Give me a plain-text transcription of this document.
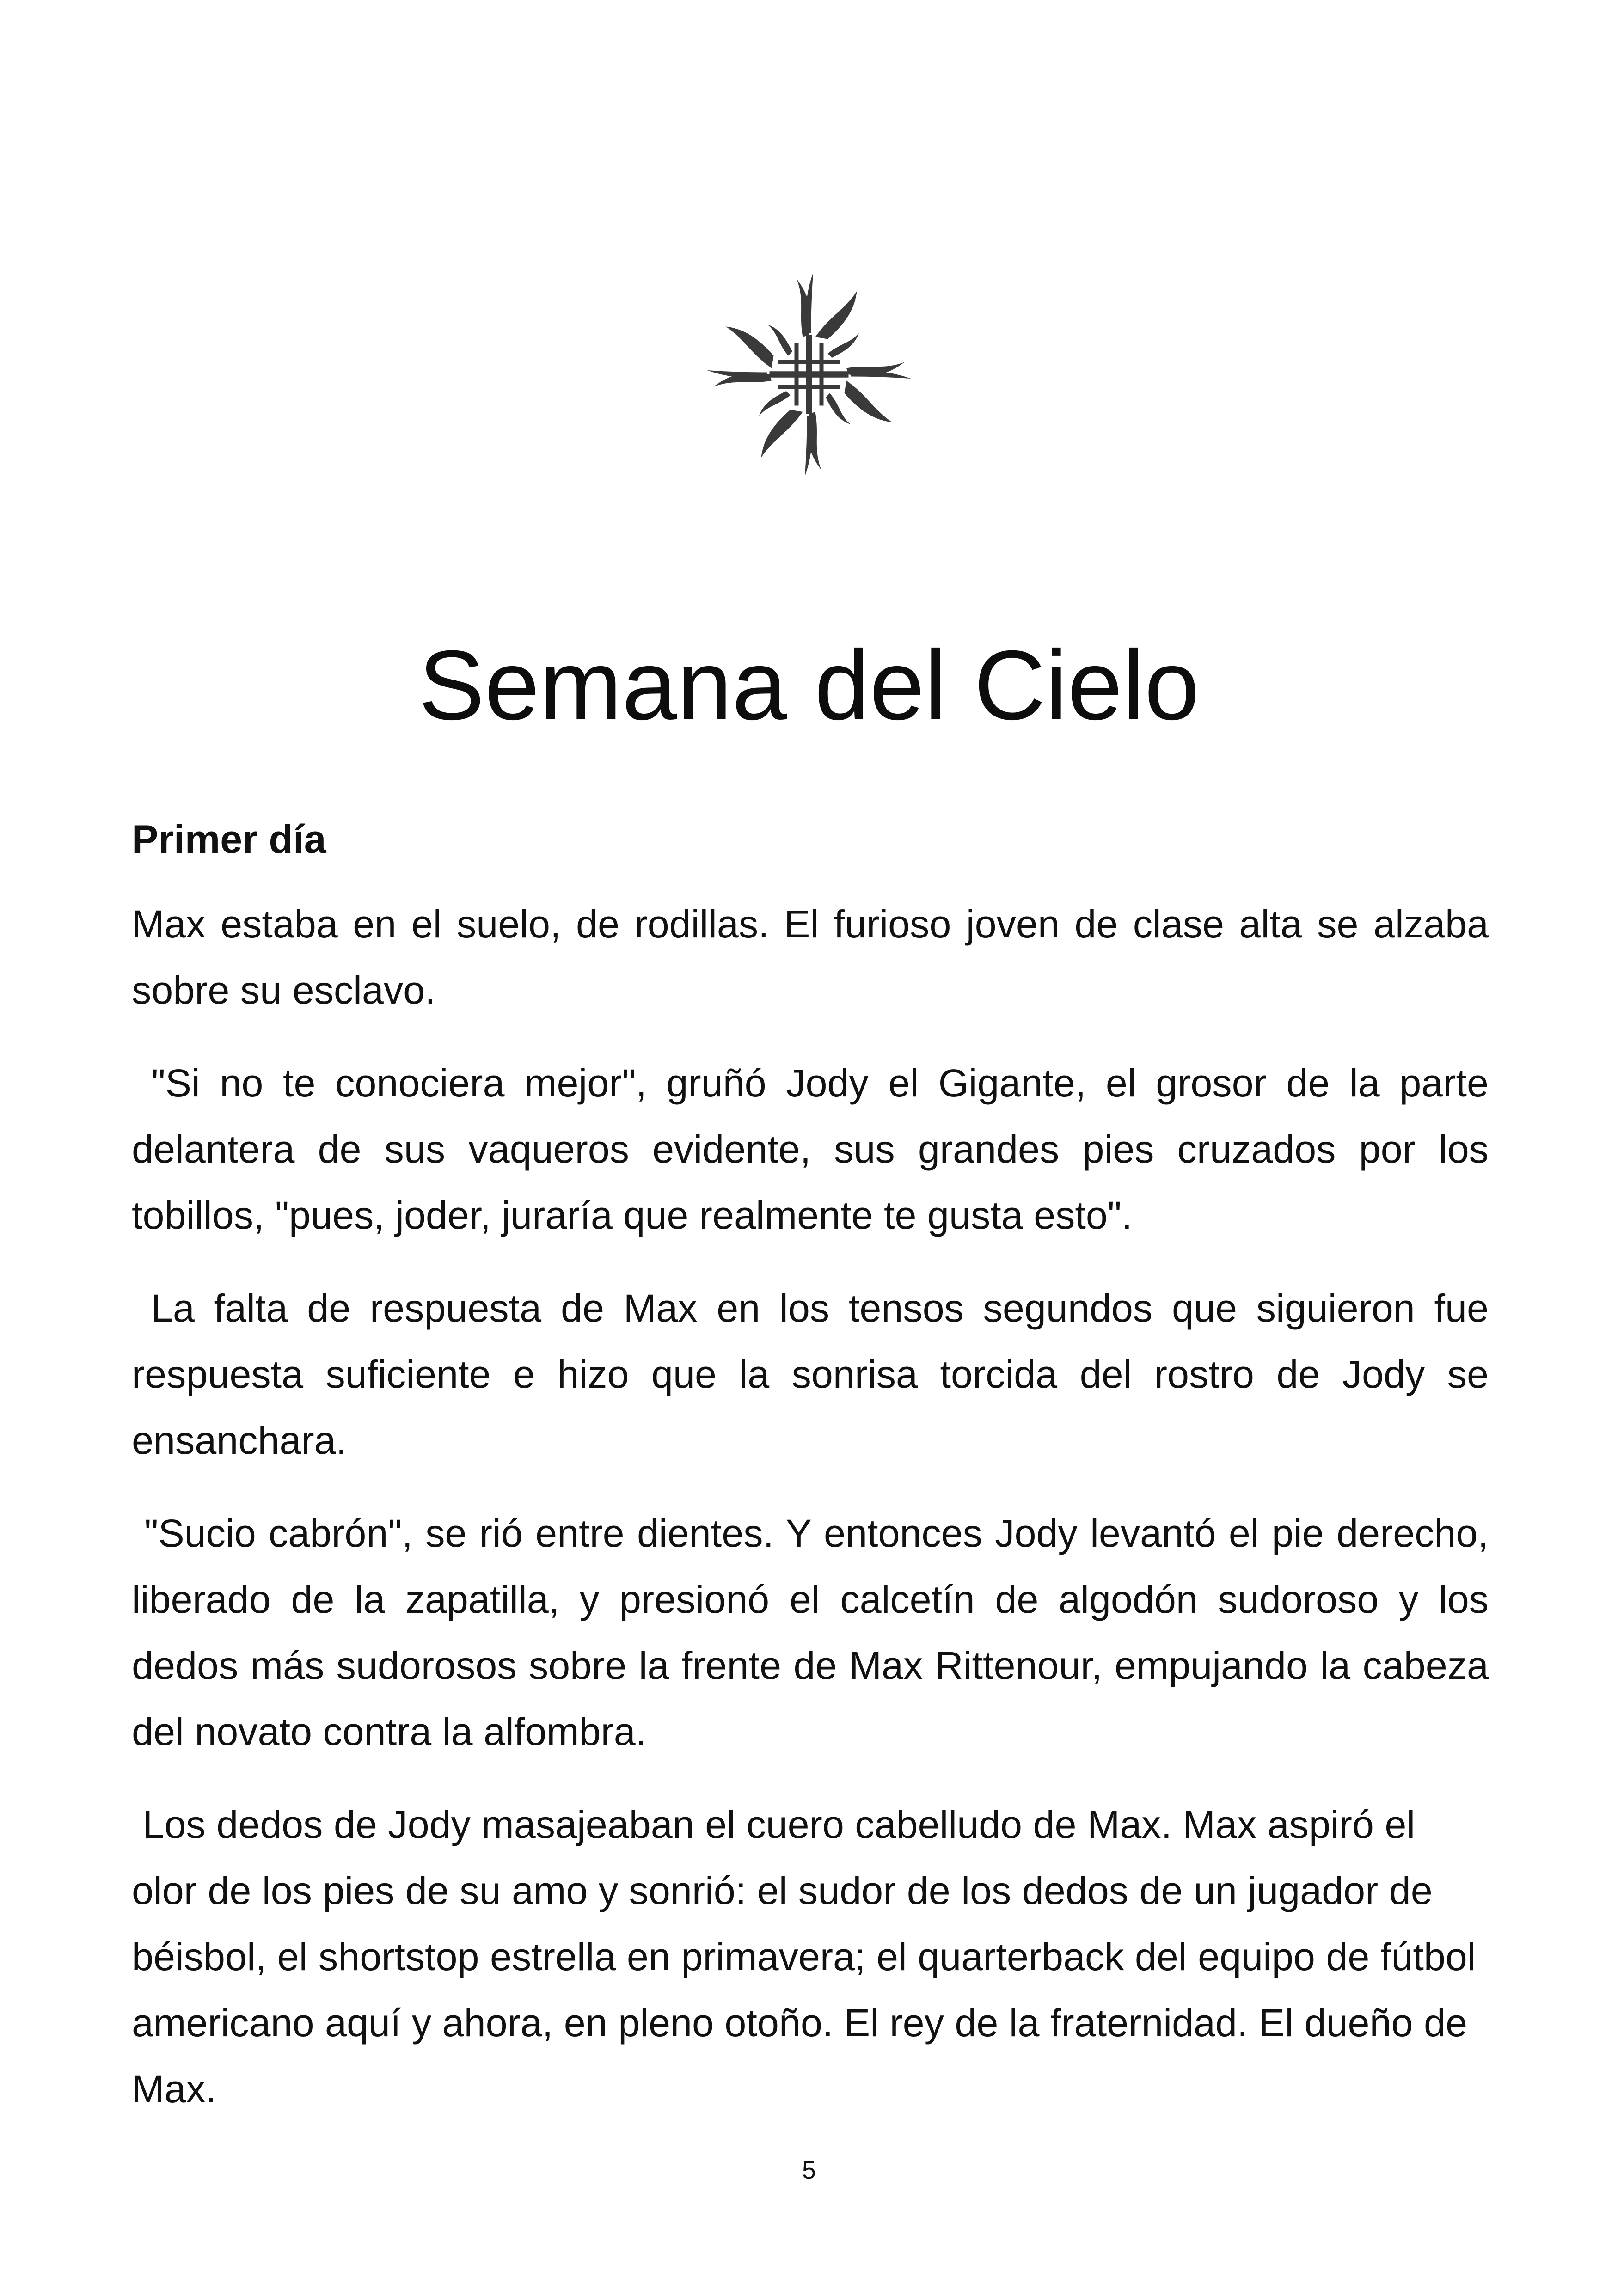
Semana del Cielo

Primer día

Max estaba en el suelo, de rodillas. El furioso joven de clase alta se alzaba sobre su esclavo.

"Si no te conociera mejor", gruñó Jody el Gigante, el grosor de la parte delantera de sus vaqueros evidente, sus grandes pies cruzados por los tobillos, "pues, joder, juraría que realmente te gusta esto".

La falta de respuesta de Max en los tensos segundos que siguieron fue respuesta suficiente e hizo que la sonrisa torcida del rostro de Jody se ensanchara.

"Sucio cabrón", se rió entre dientes. Y entonces Jody levantó el pie derecho, liberado de la zapatilla, y presionó el calcetín de algodón sudoroso y los dedos más sudorosos sobre la frente de Max Rittenour, empujando la cabeza del novato contra la alfombra.

Los dedos de Jody masajeaban el cuero cabelludo de Max. Max aspiró el olor de los pies de su amo y sonrió: el sudor de los dedos de un jugador de béisbol, el shortstop estrella en primavera; el quarterback del equipo de fútbol americano aquí y ahora, en pleno otoño. El rey de la fraternidad. El dueño de Max.

5
